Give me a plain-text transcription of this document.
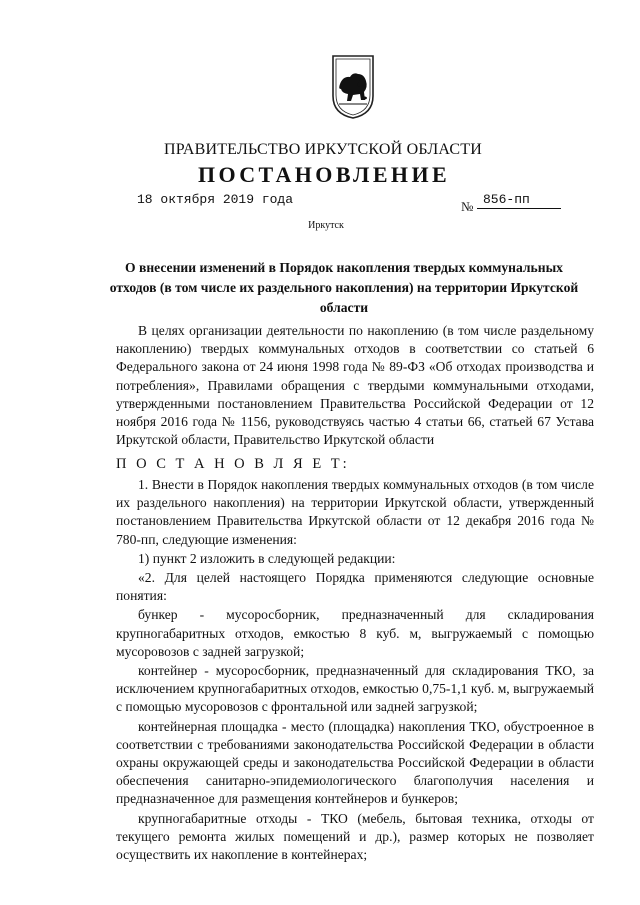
ПРАВИТЕЛЬСТВО ИРКУТСКОЙ ОБЛАСТИ
ПОСТАНОВЛЕНИЕ
18 октября 2019 года	№ 856-пп
Иркутск
О внесении изменений в Порядок накопления твердых коммунальных отходов (в том числе их раздельного накопления) на территории Иркутской области

В целях организации деятельности по накоплению (в том числе раздельному накоплению) твердых коммунальных отходов в соответствии со статьей 6 Федерального закона от 24 июня 1998 года № 89-ФЗ «Об отходах производства и потребления», Правилами обращения с твердыми коммунальными отходами, утвержденными постановлением Правительства Российской Федерации от 12 ноября 2016 года № 1156, руководствуясь частью 4 статьи 66, статьей 67 Устава Иркутской области, Правительство Иркутской области

П О С Т А Н О В Л Я Е Т:

1. Внести в Порядок накопления твердых коммунальных отходов (в том числе их раздельного накопления) на территории Иркутской области, утвержденный постановлением Правительства Иркутской области от 12 декабря 2016 года № 780-пп, следующие изменения:

1) пункт 2 изложить в следующей редакции:

«2. Для целей настоящего Порядка применяются следующие основные понятия:

бункер - мусоросборник, предназначенный для складирования крупногабаритных отходов, емкостью 8 куб. м, выгружаемый с помощью мусоровозов с задней загрузкой;

контейнер - мусоросборник, предназначенный для складирования ТКО, за исключением крупногабаритных отходов, емкостью 0,75-1,1 куб. м, выгружаемый с помощью мусоровозов с фронтальной или задней загрузкой;

контейнерная площадка - место (площадка) накопления ТКО, обустроенное в соответствии с требованиями законодательства Российской Федерации в области охраны окружающей среды и законодательства Российской Федерации в области обеспечения санитарно-эпидемиологического благополучия населения и предназначенное для размещения контейнеров и бункеров;

крупногабаритные отходы - ТКО (мебель, бытовая техника, отходы от текущего ремонта жилых помещений и др.), размер которых не позволяет осуществить их накопление в контейнерах;
